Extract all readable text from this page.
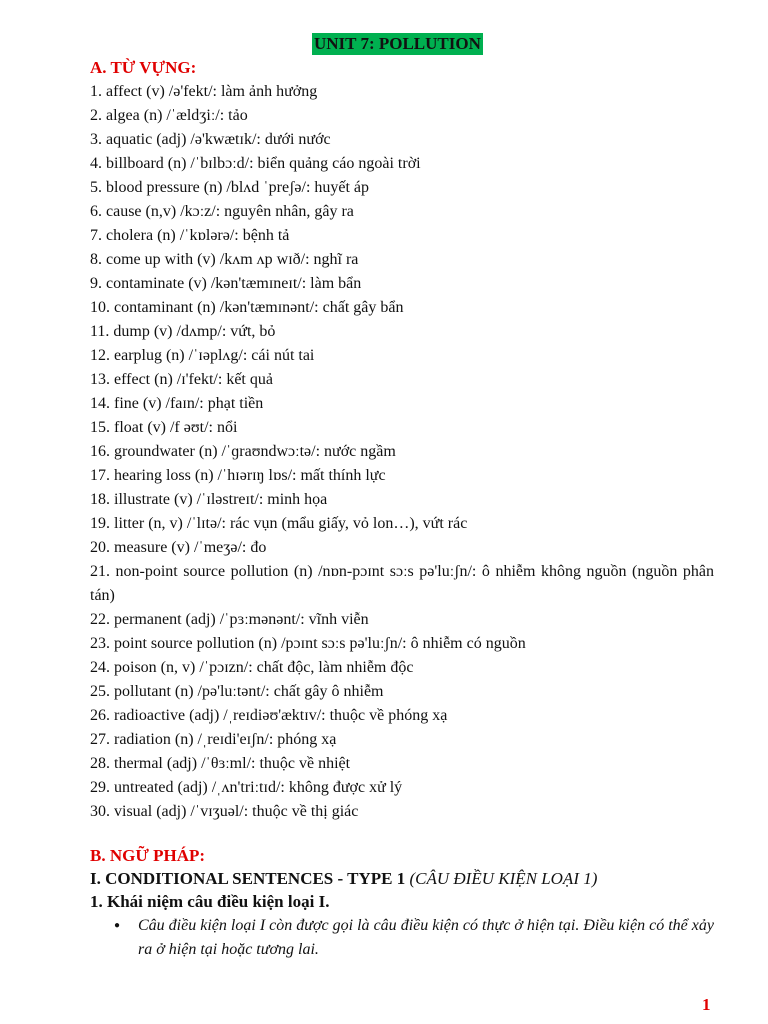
UNIT 7: POLLUTION
A. TỪ VỰNG:
1. affect (v) /ə'fekt/: làm ảnh hưởng
2. algea (n) /ˈældʒiː/: tảo
3. aquatic (adj) /ə'kwætɪk/: dưới nước
4. billboard (n) /ˈbɪlbɔːd/: biển quảng cáo ngoài trời
5. blood pressure (n) /blʌd ˈpreʃə/: huyết áp
6. cause (n,v) /kɔːz/: nguyên nhân, gây ra
7. cholera (n) /ˈkɒlərə/: bệnh tả
8. come up with (v) /kʌm ʌp wɪð/: nghĩ ra
9. contaminate (v) /kən'tæmɪneɪt/: làm bẩn
10. contaminant (n) /kən'tæmɪnənt/: chất gây bẩn
11. dump (v) /dʌmp/: vứt, bỏ
12. earplug (n) /ˈɪəplʌg/: cái nút tai
13. effect (n) /ɪ'fekt/: kết quả
14. fine (v) /faɪn/: phạt tiền
15. float (v) /f əʊt/: nổi
16. groundwater (n) /ˈɡraʊndwɔːtə/: nước ngầm
17. hearing loss (n) /ˈhɪərɪŋ lɒs/: mất thính lực
18. illustrate (v) /ˈɪləstreɪt/: minh họa
19. litter (n, v) /ˈlɪtə/: rác vụn (mẩu giấy, vỏ lon…), vứt rác
20. measure (v) /ˈmeʒə/: đo
21. non-point source pollution (n) /nɒn-pɔɪnt sɔːs pə'luːʃn/: ô nhiễm không nguồn (nguồn phân tán)
22. permanent (adj) /ˈpɜːmənənt/: vĩnh viễn
23. point source pollution (n) /pɔɪnt sɔːs pə'luːʃn/: ô nhiễm có nguồn
24. poison (n, v) /ˈpɔɪzn/: chất độc, làm nhiễm độc
25. pollutant (n) /pə'luːtənt/: chất gây ô nhiễm
26. radioactive (adj) /ˌreɪdiəʊ'æktɪv/: thuộc về phóng xạ
27. radiation (n) /ˌreɪdi'eɪʃn/: phóng xạ
28. thermal (adj) /ˈθɜːml/: thuộc về nhiệt
29. untreated (adj) /ˌʌn'triːtɪd/: không được xử lý
30. visual (adj) /ˈvɪʒuəl/: thuộc về thị giác
B. NGỮ PHÁP:
I. CONDITIONAL SENTENCES - TYPE 1 (CÂU ĐIỀU KIỆN LOẠI 1)
1. Khái niệm câu điều kiện loại I.
● Câu điều kiện loại I còn được gọi là câu điều kiện có thực ở hiện tại. Điều kiện có thể xảy ra ở hiện tại hoặc tương lai.
1
